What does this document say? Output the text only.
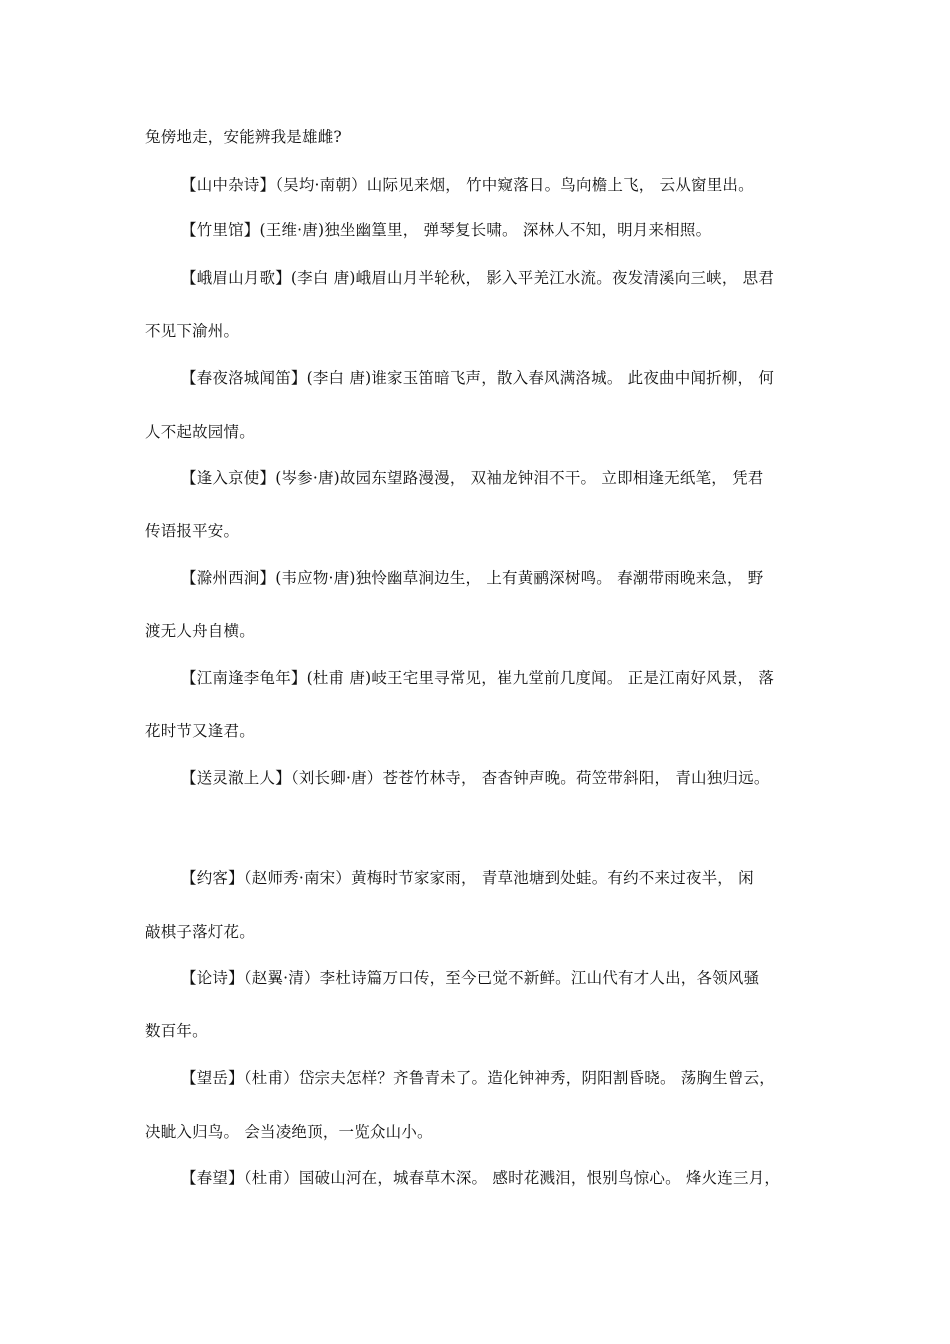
兔傍地走，安能辨我是雄雌?
【山中杂诗】（吴均·南朝）山际见来烟， 竹中窥落日。鸟向檐上飞， 云从窗里出。
【竹里馆】(王维·唐)独坐幽篁里， 弹琴复长啸。 深林人不知，明月来相照。
【峨眉山月歌】(李白 唐)峨眉山月半轮秋， 影入平羌江水流。夜发清溪向三峡， 思君
不见下渝州。
【春夜洛城闻笛】(李白 唐)谁家玉笛暗飞声，散入春风满洛城。 此夜曲中闻折柳， 何
人不起故园情。
【逢入京使】(岑参·唐)故园东望路漫漫， 双袖龙钟泪不干。 立即相逢无纸笔， 凭君
传语报平安。
【滁州西涧】(韦应物·唐)独怜幽草涧边生， 上有黄鹂深树鸣。 春潮带雨晚来急， 野
渡无人舟自横。
【江南逢李龟年】(杜甫 唐)岐王宅里寻常见，崔九堂前几度闻。 正是江南好风景， 落
花时节又逢君。
【送灵澈上人】（刘长卿·唐）苍苍竹林寺， 杳杳钟声晚。荷笠带斜阳， 青山独归远。
【约客】（赵师秀·南宋）黄梅时节家家雨， 青草池塘到处蛙。有约不来过夜半， 闲
敲棋子落灯花。
【论诗】（赵翼·清）李杜诗篇万口传，至今已觉不新鲜。江山代有才人出，各领风骚
数百年。
【望岳】（杜甫）岱宗夫怎样？齐鲁青未了。造化钟神秀，阴阳割昏晓。 荡胸生曾云，
决眦入归鸟。 会当凌绝顶，一览众山小。
【春望】（杜甫）国破山河在，城春草木深。 感时花溅泪，恨别鸟惊心。 烽火连三月，
